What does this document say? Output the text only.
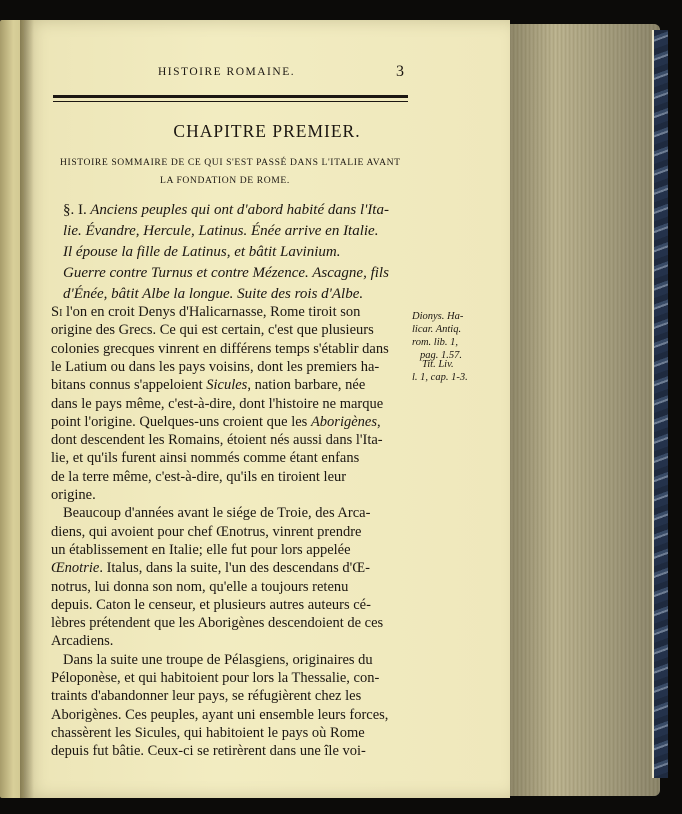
HISTOIRE ROMAINE.	3
CHAPITRE PREMIER.
HISTOIRE SOMMAIRE DE CE QUI S'EST PASSÉ DANS L'ITALIE AVANT
LA FONDATION DE ROME.
§. I. Anciens peuples qui ont d'abord habité dans l'Ita-
lie. Évandre, Hercule, Latinus. Énée arrive en Italie.
Il épouse la fille de Latinus, et bâtit Lavinium.
Guerre contre Turnus et contre Mézence. Ascagne, fils
d'Énée, bâtit Albe la longue. Suite des rois d'Albe.
Si l'on en croit Denys d'Halicarnasse, Rome tiroit son
origine des Grecs. Ce qui est certain, c'est que plusieurs
colonies grecques vinrent en différens temps s'établir dans
le Latium ou dans les pays voisins, dont les premiers ha-
bitans connus s'appeloient Sicules, nation barbare, née
dans le pays même, c'est-à-dire, dont l'histoire ne marque
point l'origine. Quelques-uns croient que les Aborigènes,
dont descendent les Romains, étoient nés aussi dans l'Ita-
lie, et qu'ils furent ainsi nommés comme étant enfans
de la terre même, c'est-à-dire, qu'ils en tiroient leur
origine.
Beaucoup d'années avant le siége de Troie, des Arca-
diens, qui avoient pour chef Œnotrus, vinrent prendre
un établissement en Italie; elle fut pour lors appelée
Œnotrie. Italus, dans la suite, l'un des descendans d'Œ-
notrus, lui donna son nom, qu'elle a toujours retenu
depuis. Caton le censeur, et plusieurs autres auteurs cé-
lèbres prétendent que les Aborigènes descendoient de ces
Arcadiens.
Dans la suite une troupe de Pélasgiens, originaires du
Péloponèse, et qui habitoient pour lors la Thessalie, con-
traints d'abandonner leur pays, se réfugièrent chez les
Aborigènes. Ces peuples, ayant uni ensemble leurs forces,
chassèrent les Sicules, qui habitoient le pays où Rome
depuis fut bâtie. Ceux-ci se retirèrent dans une île voi-
Dionys. Ha-
licar. Antiq.
rom. lib. 1,
pag. 1.57.
Tit. Liv.
l. 1, cap. 1-3.
